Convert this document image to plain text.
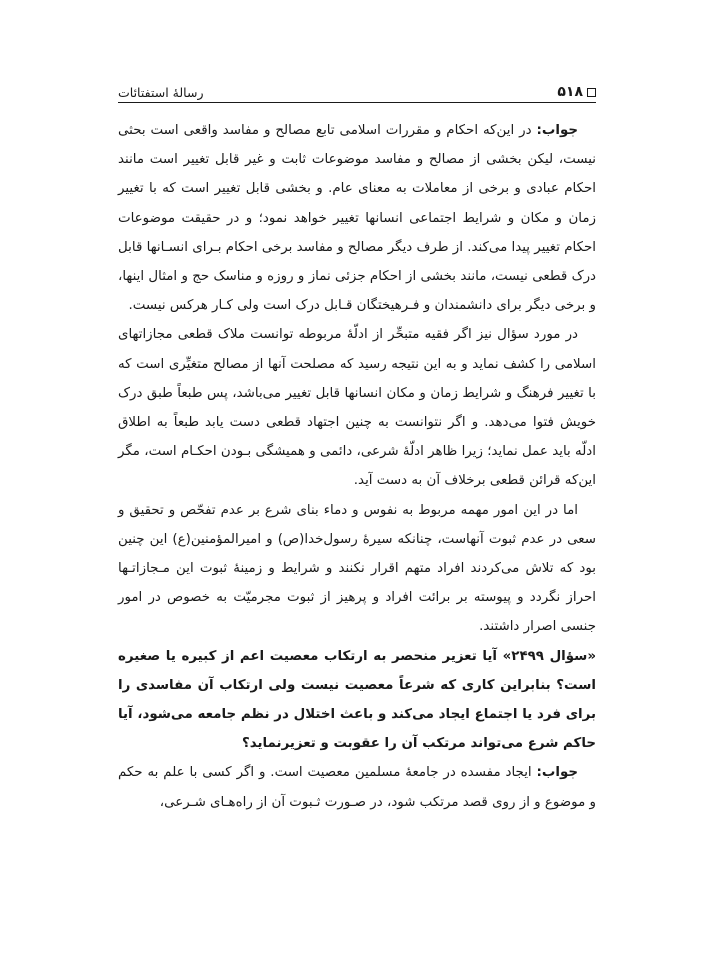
۵۱۸
رسالهٔ استفتائات

جواب: در این‌که احکام و مقررات اسلامی تابع مصالح و مفاسد واقعی است بحثی نیست، لیکن بخشی از مصالح و مفاسد موضوعات ثابت و غیر قابل تغییر است مانند احکام عبادی و برخی از معاملات به معنای عام. و بخشی قابل تغییر است که با تغییر زمان و مکان و شرایط اجتماعی انسانها تغییر خواهد نمود؛ و در حقیقت موضوعات احکام تغییر پیدا می‌کند. از طرف دیگر مصالح و مفاسد برخی احکام بـرای انسـانها قابل درک قطعی نیست، مانند بخشی از احکام جزئی نماز و روزه و مناسک حج و امثال اینها، و برخی دیگر برای دانشمندان و فـرهیختگان قـابل درک است ولی کـار هرکس نیست.

در مورد سؤال نیز اگر فقیه متبحِّر از ادلّهٔ مربوطه توانست ملاک قطعی مجازاتهای اسلامی را کشف نماید و به این نتیجه رسید که مصلحت آنها از مصالح متغیِّری است که با تغییر فرهنگ و شرایط زمان و مکان انسانها قابل تغییر می‌باشد، پس طبعاً طبق درک خویش فتوا می‌دهد. و اگر نتوانست به چنین اجتهاد قطعی دست یابد طبعاً به اطلاق ادلّه باید عمل نماید؛ زیرا ظاهر ادلّهٔ شرعی، دائمی و همیشگی بـودن احکـام است، مگر این‌که قرائن قطعی برخلاف آن به دست آید.

اما در این امور مهمه مربوط به نفوس و دماء بنای شرع بر عدم تفحّص و تحقیق و سعی در عدم ثبوت آنهاست، چنانکه سیرهٔ رسول‌خدا(ص) و امیرالمؤمنین(ع) این چنین بود که تلاش می‌کردند افراد متهم اقرار نکنند و شرایط و زمینهٔ ثبوت این مـجازاتـها احراز نگردد و پیوسته بر برائت افراد و پرهیز از ثبوت مجرمیّت به خصوص در امور جنسی اصرار داشتند.

«سؤال ۲۴۹۹» آیا تعزیر منحصر به ارتکاب معصیت اعم از کبیره یا صغیره است؟ بنابراین کاری که شرعاً معصیت نیست ولی ارتکاب آن مفاسدی را برای فرد یا اجتماع ایجاد می‌کند و باعث اختلال در نظم جامعه می‌شود، آیا حاکم شرع می‌تواند مرتکب آن را عقوبت و تعزیرنماید؟

جواب: ایجاد مفسده در جامعهٔ مسلمین معصیت است. و اگر کسی با علم به حکم و موضوع و از روی قصد مرتکب شود، در صـورت ثـبوت آن از راه‌هـای شـرعی،
